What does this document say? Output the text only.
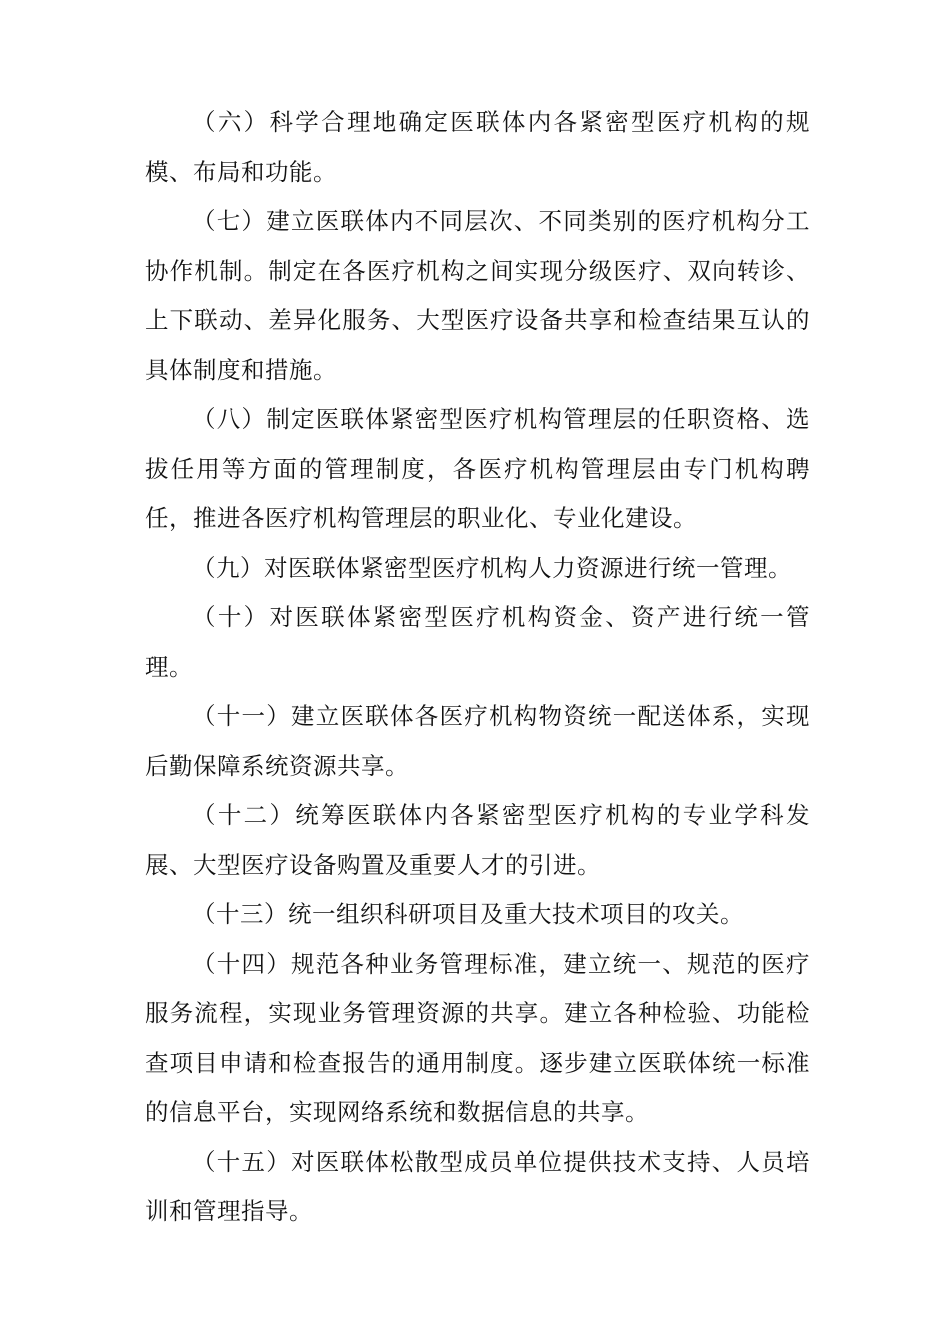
（六）科学合理地确定医联体内各紧密型医疗机构的规模、布局和功能。

（七）建立医联体内不同层次、不同类别的医疗机构分工协作机制。制定在各医疗机构之间实现分级医疗、双向转诊、上下联动、差异化服务、大型医疗设备共享和检查结果互认的具体制度和措施。

（八）制定医联体紧密型医疗机构管理层的任职资格、选拔任用等方面的管理制度，各医疗机构管理层由专门机构聘任，推进各医疗机构管理层的职业化、专业化建设。

（九）对医联体紧密型医疗机构人力资源进行统一管理。

（十）对医联体紧密型医疗机构资金、资产进行统一管理。

（十一）建立医联体各医疗机构物资统一配送体系，实现后勤保障系统资源共享。

（十二）统筹医联体内各紧密型医疗机构的专业学科发展、大型医疗设备购置及重要人才的引进。

（十三）统一组织科研项目及重大技术项目的攻关。

（十四）规范各种业务管理标准，建立统一、规范的医疗服务流程，实现业务管理资源的共享。建立各种检验、功能检查项目申请和检查报告的通用制度。逐步建立医联体统一标准的信息平台，实现网络系统和数据信息的共享。

（十五）对医联体松散型成员单位提供技术支持、人员培训和管理指导。
